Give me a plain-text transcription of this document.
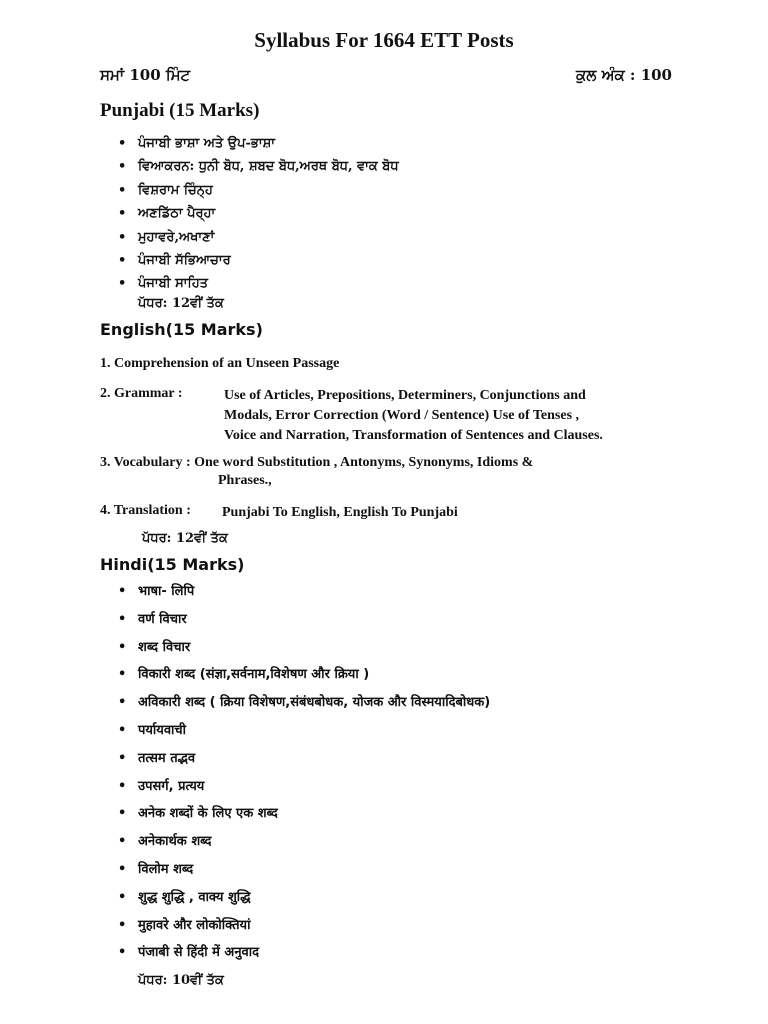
Syllabus For 1664 ETT Posts
ਸਮਾਂ 100 ਮਿੰਟ	ਕੁਲ ਅੰਕ : 100
Punjabi (15 Marks)
• ਪੰਜਾਬੀ ਭਾਸ਼ਾ ਅਤੇ ਉਪ-ਭਾਸ਼ਾ
• ਵਿਆਕਰਨ: ਧੁਨੀ ਬੋਧ, ਸ਼ਬਦ ਬੋਧ,ਅਰਥ ਬੋਧ, ਵਾਕ ਬੋਧ
• ਵਿਸ਼ਰਾਮ ਚਿੰਨ੍ਹ
• ਅਣਡਿੱਠਾ ਪੈਰ੍ਹਾ
• ਮੁਹਾਵਰੇ,ਅਖਾਣਾਂ
• ਪੰਜਾਬੀ ਸੱਭਿਆਚਾਰ
• ਪੰਜਾਬੀ ਸਾਹਿਤ
ਪੱਧਰ: 12ਵੀਂ ਤੱਕ
English(15 Marks)
1. Comprehension of an Unseen Passage
2. Grammar :	Use of Articles, Prepositions, Determiners, Conjunctions and
Modals, Error Correction (Word / Sentence) Use of Tenses ,
Voice and Narration, Transformation of Sentences and Clauses.
3. Vocabulary : One word Substitution , Antonyms, Synonyms, Idioms &
Phrases.,
4. Translation : Punjabi To English, English To Punjabi
ਪੱਧਰ: 12ਵੀਂ ਤੱਕ
Hindi(15 Marks)
• भाषा- लिपि
• वर्ण विचार
• शब्द विचार
• विकारी शब्द (संज्ञा,सर्वनाम,विशेषण और क्रिया )
• अविकारी शब्द ( क्रिया विशेषण,संबंधबोधक, योजक और विस्मयादिबोधक)
• पर्यायवाची
• तत्सम तद्भव
• उपसर्ग, प्रत्यय
• अनेक शब्दों के लिए एक शब्द
• अनेकार्थक शब्द
• विलोम शब्द
• शुद्ध शुद्धि , वाक्य शुद्धि
• मुहावरे और लोकोक्तियां
• पंजाबी से हिंदी में अनुवाद
ਪੱਧਰ: 10ਵੀਂ ਤੱਕ
